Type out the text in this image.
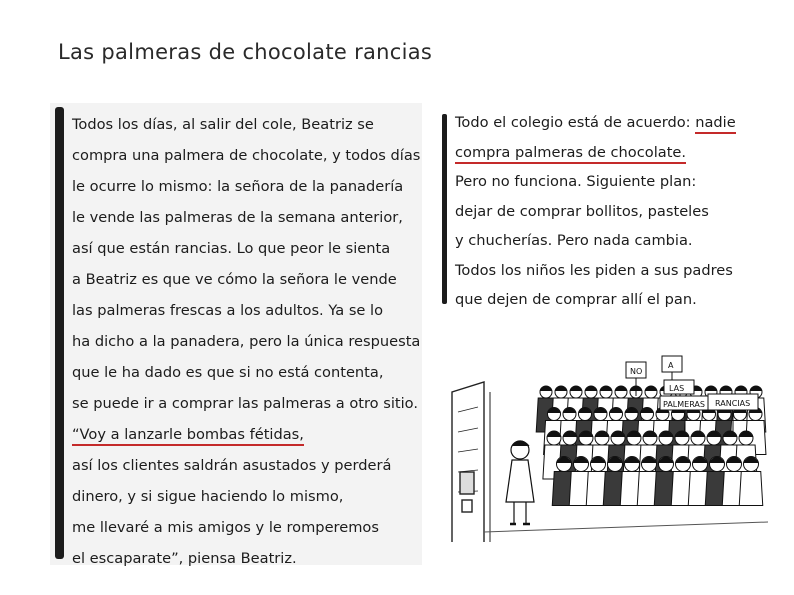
Las palmeras de chocolate rancias
Todos los días, al salir del cole, Beatriz se
compra una palmera de chocolate, y todos días
le ocurre lo mismo: la señora de la panadería
le vende las palmeras de la semana anterior,
así que están rancias. Lo que peor le sienta
a Beatriz es que ve cómo la señora le vende
las palmeras frescas a los adultos. Ya se lo
ha dicho a la panadera, pero la única respuesta
que le ha dado es que si no está contenta,
se puede ir a comprar las palmeras a otro sitio.
“Voy a lanzarle bombas fétidas,
así los clientes saldrán asustados y perderá
dinero, y si sigue haciendo lo mismo,
me llevaré a mis amigos y le romperemos
el escaparate”, piensa Beatriz.
Todo el colegio está de acuerdo: nadie
compra palmeras de chocolate.
Pero no funciona. Siguiente plan:
dejar de comprar bollitos, pasteles
y chucherías. Pero nada cambia.
Todos los niños les piden a sus padres
que dejen de comprar allí el pan.
NO
A
LAS
PALMERAS RANCIAS
